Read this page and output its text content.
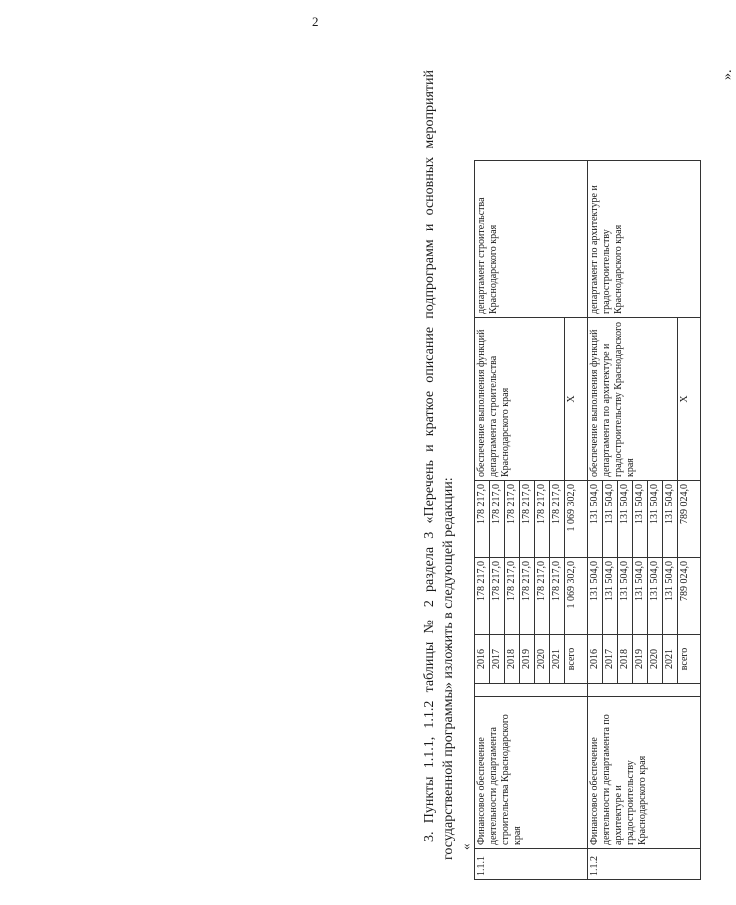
2
3. Пункты 1.1.1, 1.1.2 таблицы № 2 раздела 3 «Перечень и краткое описание подпрограмм и основных мероприятий государственной программы» изложить в следующей редакции: «
1.1.1	Финансовое обеспечение деятельности департамента строительства Краснодарского края		2016	178 217,0	178 217,0	обеспечение выполнения функций департамента строительства Краснодарского края	департамент строительства Краснодарского края
			2017	178 217,0	178 217,0		
			2018	178 217,0	178 217,0		
			2019	178 217,0	178 217,0		
			2020	178 217,0	178 217,0		
			2021	178 217,0	178 217,0		
			всего	1 069 302,0	1 069 302,0	X	
1.1.2	Финансовое обеспечение деятельности департамента по архитектуре и градостроительству Краснодарского края		2016	131 504,0	131 504,0	обеспечение выполнения функций департамента по архитектуре и градостроительству Краснодарского края	департамент по архитектуре и градостроительству Краснодарского края
			2017	131 504,0	131 504,0		
			2018	131 504,0	131 504,0		
			2019	131 504,0	131 504,0		
			2020	131 504,0	131 504,0		
			2021	131 504,0	131 504,0		
			всего	789 024,0	789 024,0	X	
».
